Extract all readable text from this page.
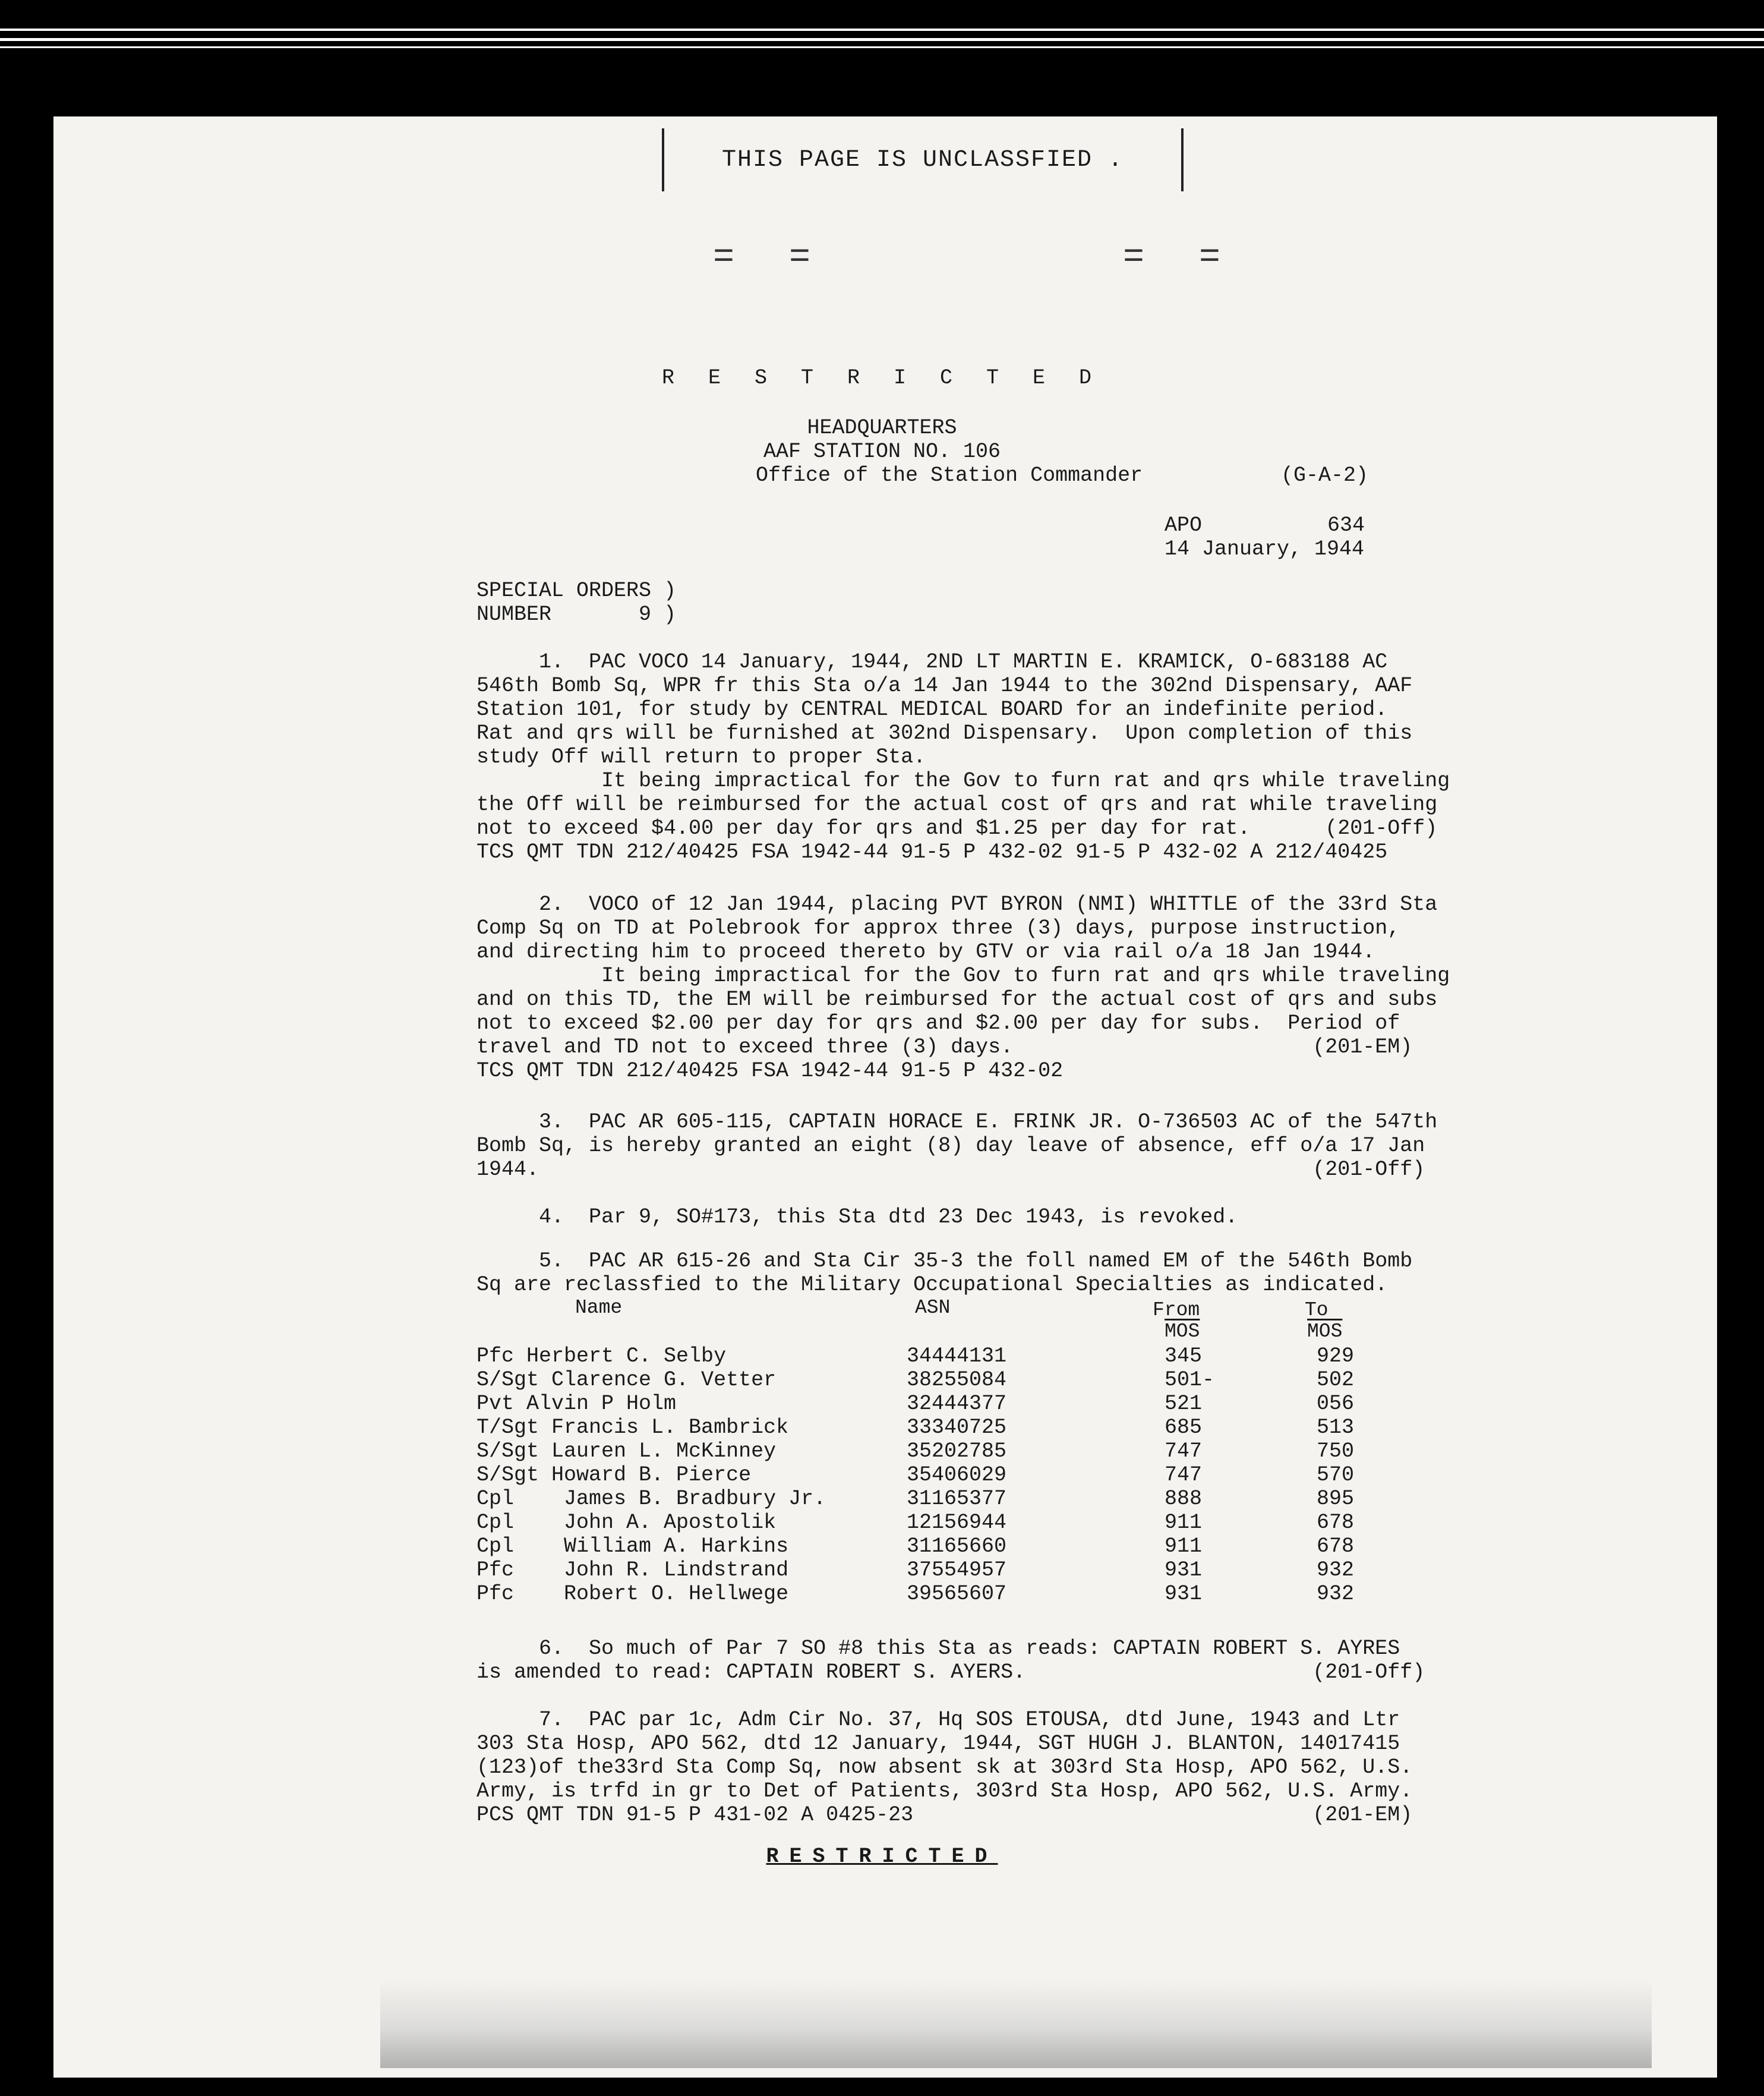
THIS PAGE IS UNCLASSFIED .
= =	= =
R E S T R I C T E D
HEADQUARTERS
AAF STATION NO. 106
Office of the Station Commander	(G-A-2)
APO	634
14 January, 1944
SPECIAL ORDERS )
NUMBER       9 )
1.  PAC VOCO 14 January, 1944, 2ND LT MARTIN E. KRAMICK, O-683188 AC
546th Bomb Sq, WPR fr this Sta o/a 14 Jan 1944 to the 302nd Dispensary, AAF
Station 101, for study by CENTRAL MEDICAL BOARD for an indefinite period.
Rat and qrs will be furnished at 302nd Dispensary.  Upon completion of this
study Off will return to proper Sta.
It being impractical for the Gov to furn rat and qrs while traveling
the Off will be reimbursed for the actual cost of qrs and rat while traveling
not to exceed $4.00 per day for qrs and $1.25 per day for rat.      (201-Off)
TCS QMT TDN 212/40425 FSA 1942-44 91-5 P 432-02 91-5 P 432-02 A 212/40425
2.  VOCO of 12 Jan 1944, placing PVT BYRON (NMI) WHITTLE of the 33rd
Comp Sq on TD at Polebrook for approx three (3) days, purpose instruction,
and directing him to proceed thereto by GTV or via rail o/a 18 Jan 1944.
It being impractical for the Gov to furn rat and qrs while traveling
and on this TD, the EM will be reimbursed for the actual cost of qrs and
not to exceed $2.00 per day for qrs and $2.00 per day for subs.  Period of
travel and TD not to exceed three (3) days.                        (201-EM)
TCS QMT TDN 212/40425 FSA 1942-44 91-5 P 432-02
3.  PAC AR 605-115, CAPTAIN HORACE E. FRINK JR. O-736503 AC of the
Bomb Sq, is hereby granted an eight (8) day leave of absence, eff o/a 17
1944.                                                              (201-Off)
4.  Par 9, SO#173, this Sta dtd 23 Dec 1943, is revoked.
5.  PAC AR 615-26 and Sta Cir 35-3 the foll named EM of the 546th Bomb
Sq are reclassfied to the Military Occupational Specialties as indicated.
Name	ASN	From	To
$\overline{MOS}$	$\overline{MOS}$
Pfc Herbert C. Selby	34444131	345	929
S/Sgt Clarence G. Vetter	38255084	501-	502
Pvt Alvin P Holm	32444377	521	056
T/Sgt Francis L. Bambrick	33340725	685	513
S/Sgt Lauren L. McKinney	35202785	747	750
S/Sgt Howard B. Pierce	35406029	747	570
Cpl    James B. Bradbury Jr.	31165377	888	895
Cpl    John A. Apostolik	12156944	911	678
Cpl    William A. Harkins	31165660	911	678
Pfc    John R. Lindstrand	37554957	931	932
Pfc    Robert O. Hellwege	39565607	931	932
6.  So much of Par 7 SO #8 this Sta as reads: CAPTAIN ROBERT S. AYRES
is amended to read: CAPTAIN ROBERT S. AYERS.                       (201-Off)
7.  PAC par 1c, Adm Cir No. 37, Hq SOS ETOUSA, dtd June, 1943 and Ltr
303 Sta Hosp, APO 562, dtd 12 January, 1944, SGT HUGH J. BLANTON, 14017415
(123)of the33rd Sta Comp Sq, now absent sk at 303rd Sta Hosp, APO 562, U.S.
Army, is trfd in gr to Det of Patients, 303rd Sta Hosp, APO 562, U.S. Army.
PCS QMT TDN 91-5 P 431-02 A 0425-23                                (201-EM)
RESTRICTED
